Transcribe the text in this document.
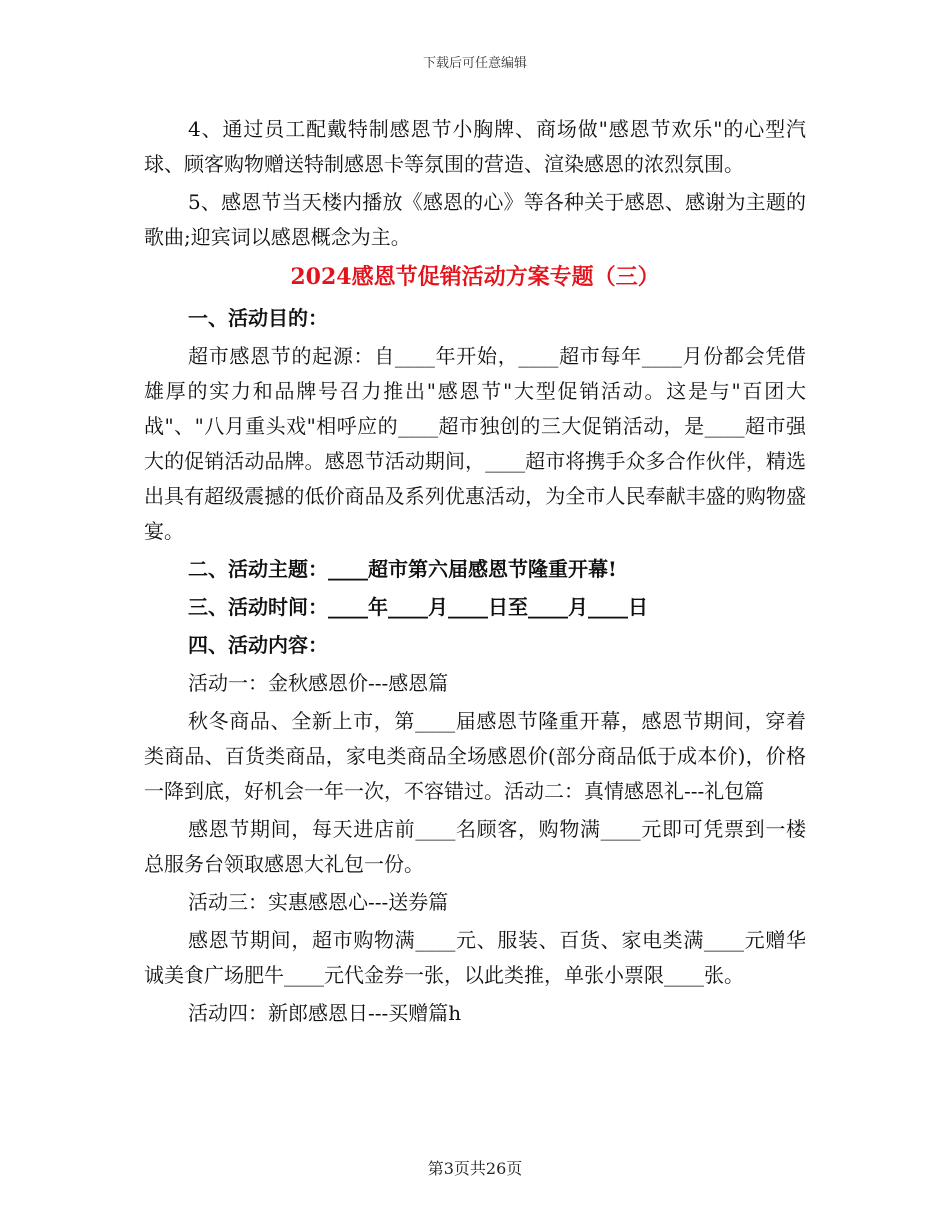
下载后可任意编辑

4、通过员工配戴特制感恩节小胸牌、商场做"感恩节欢乐"的心型汽球、顾客购物赠送特制感恩卡等氛围的营造、渲染感恩的浓烈氛围。

5、感恩节当天楼内播放《感恩的心》等各种关于感恩、感谢为主题的歌曲;迎宾词以感恩概念为主。

2024感恩节促销活动方案专题（三）

一、活动目的：

超市感恩节的起源：自____年开始，____超市每年____月份都会凭借雄厚的实力和品牌号召力推出"感恩节"大型促销活动。这是与"百团大战"、"八月重头戏"相呼应的____超市独创的三大促销活动，是____超市强大的促销活动品牌。感恩节活动期间，____超市将携手众多合作伙伴，精选出具有超级震撼的低价商品及系列优惠活动，为全市人民奉献丰盛的购物盛宴。

二、活动主题：____超市第六届感恩节隆重开幕!

三、活动时间：____年____月____日至____月____日

四、活动内容：

活动一：金秋感恩价---感恩篇

秋冬商品、全新上市，第____届感恩节隆重开幕，感恩节期间，穿着类商品、百货类商品，家电类商品全场感恩价(部分商品低于成本价)，价格一降到底，好机会一年一次，不容错过。活动二：真情感恩礼---礼包篇

感恩节期间，每天进店前____名顾客，购物满____元即可凭票到一楼总服务台领取感恩大礼包一份。

活动三：实惠感恩心---送券篇

感恩节期间，超市购物满____元、服装、百货、家电类满____元赠华诚美食广场肥牛____元代金券一张，以此类推，单张小票限____张。

活动四：新郎感恩日---买赠篇h

第3页共26页
